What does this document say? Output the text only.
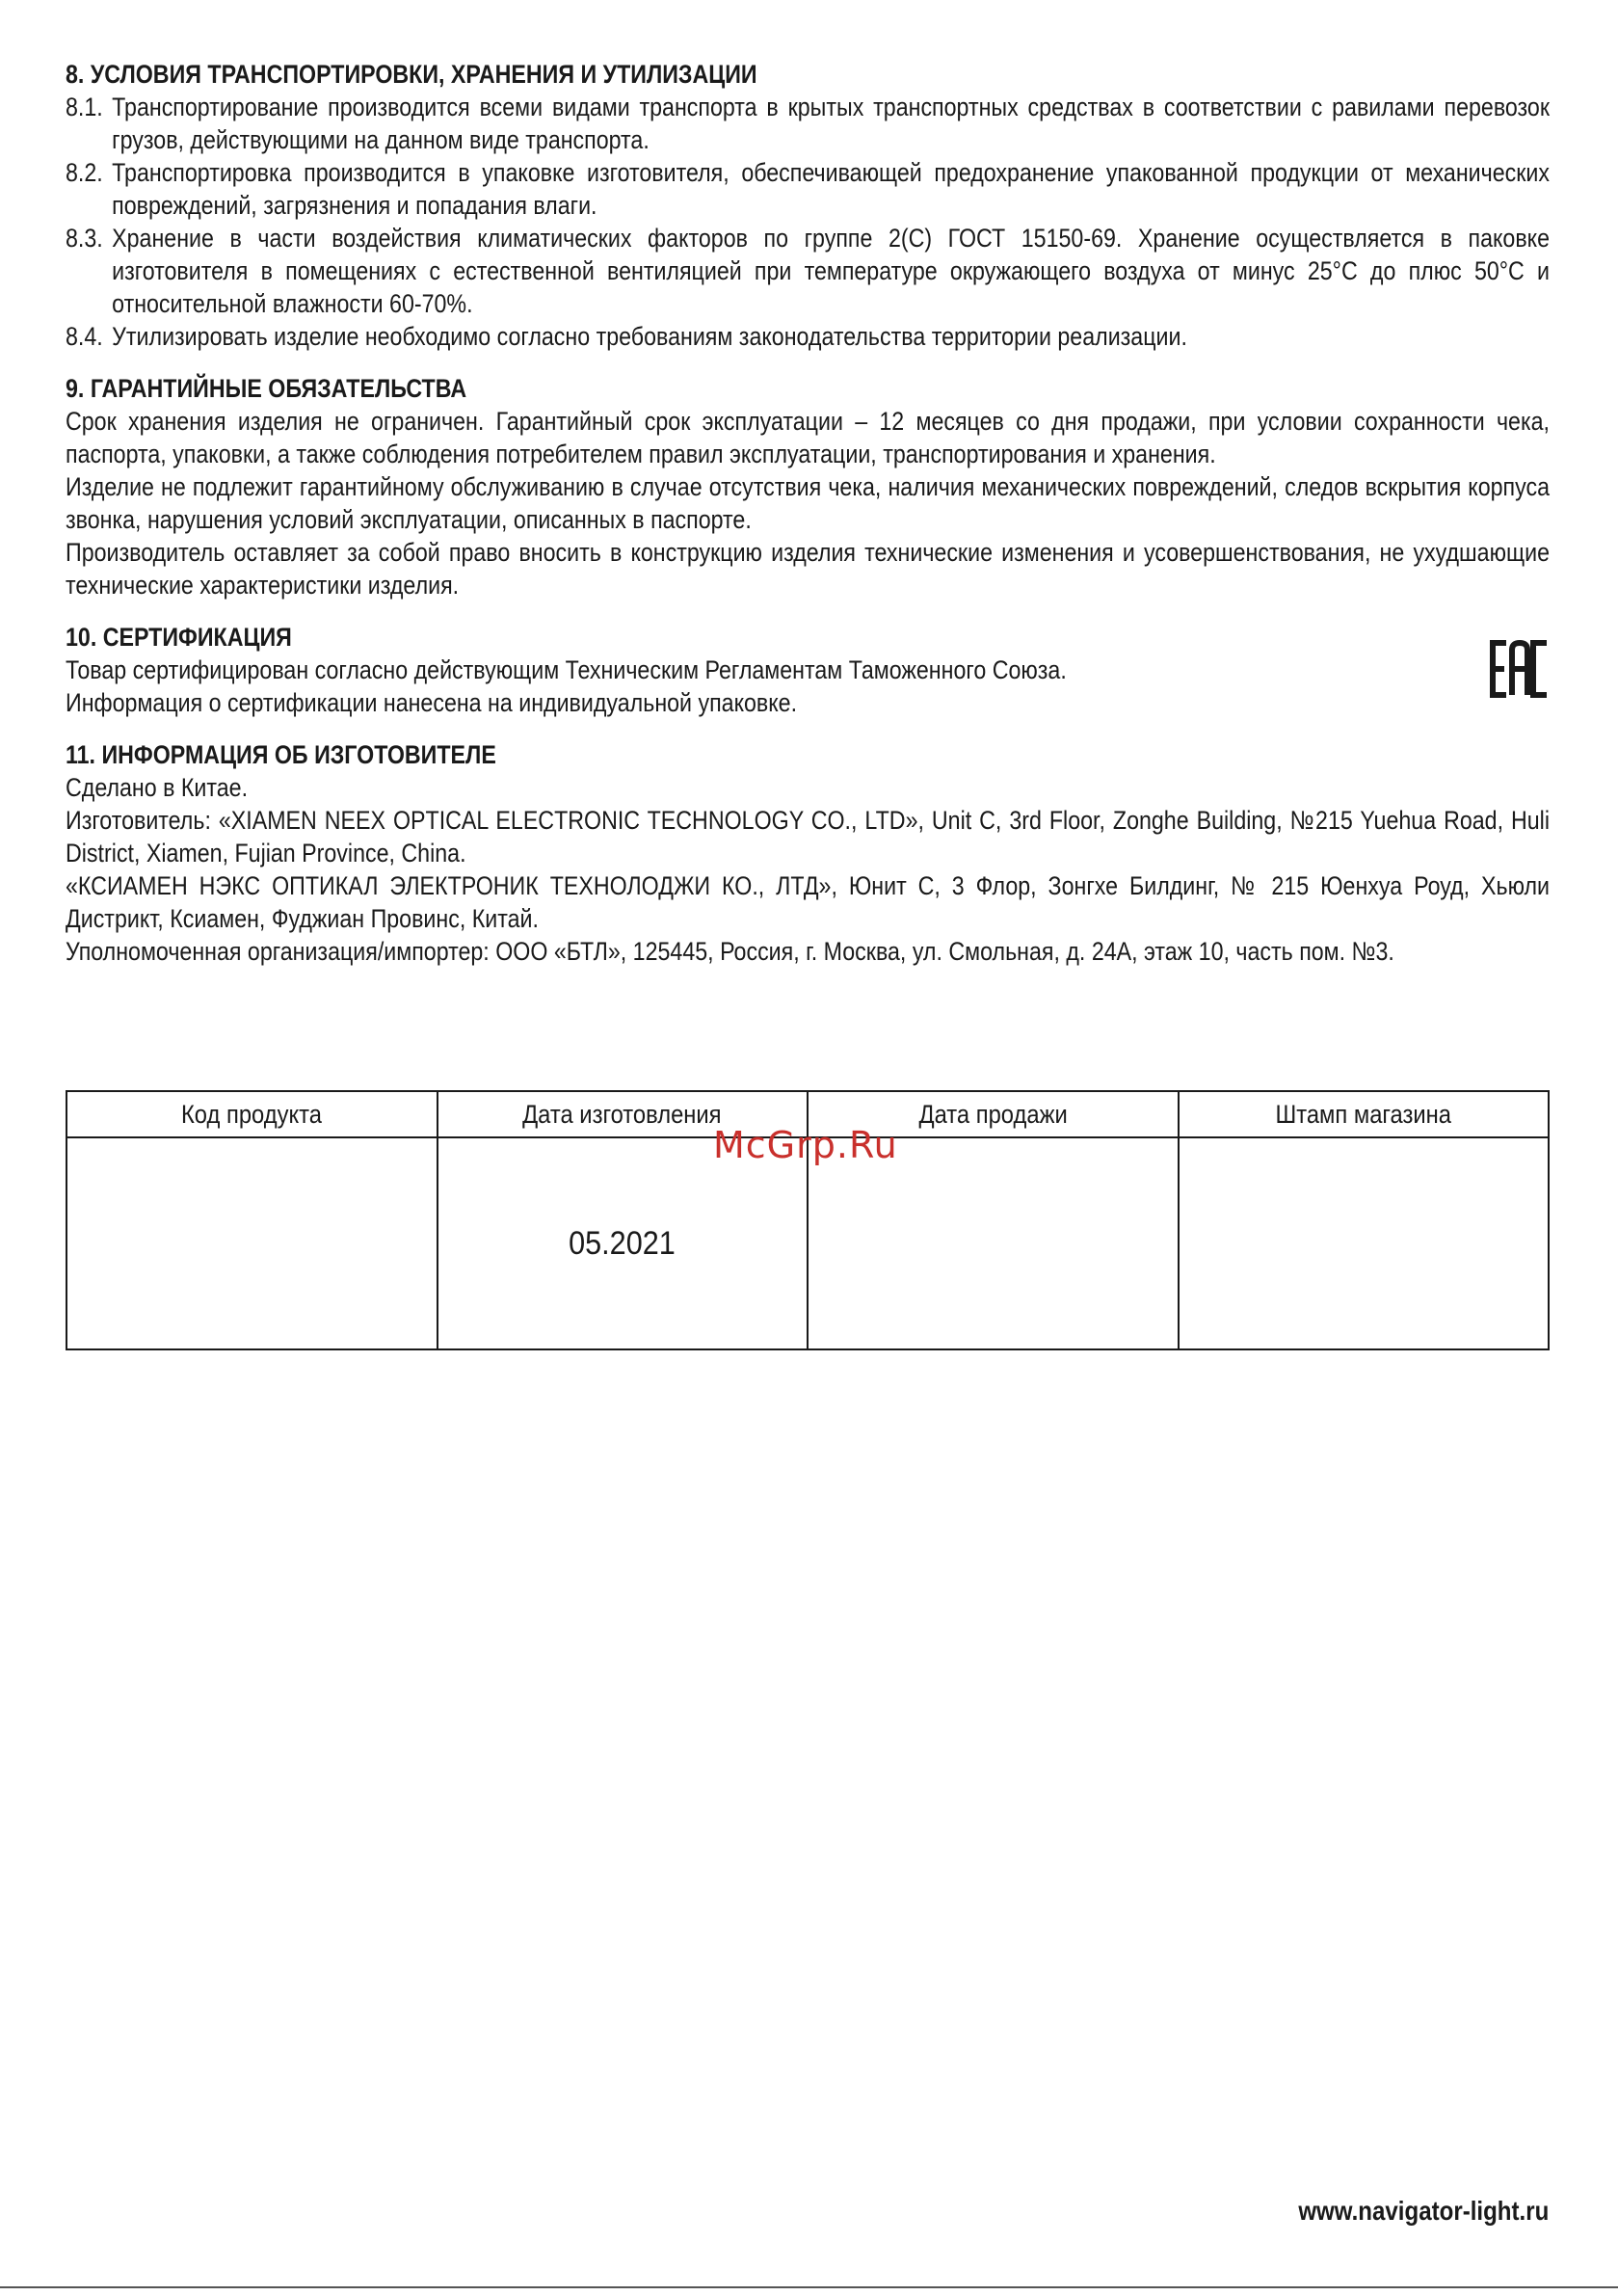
8. УСЛОВИЯ ТРАНСПОРТИРОВКИ, ХРАНЕНИЯ И УТИЛИЗАЦИИ
8.1. Транспортирование производится всеми видами транспорта в крытых транспортных средствах в соответствии с равилами перевозок грузов, действующими на данном виде транспорта.
8.2. Транспортировка производится в упаковке изготовителя, обеспечивающей предохранение упакованной продукции от механических повреждений, загрязнения и попадания влаги.
8.3. Хранение в части воздействия климатических факторов по группе 2(С) ГОСТ 15150-69. Хранение осуществляется в паковке изготовителя в помещениях с естественной вентиляцией при температуре окружающего воздуха от минус 25°C до плюс 50°C и относительной влажности 60-70%.
8.4. Утилизировать изделие необходимо согласно требованиям законодательства территории реализации.
9. ГАРАНТИЙНЫЕ ОБЯЗАТЕЛЬСТВА

Срок хранения изделия не ограничен. Гарантийный срок эксплуатации – 12 месяцев со дня продажи, при условии сохранности чека, паспорта, упаковки, а также соблюдения потребителем правил эксплуатации, транспортирования и хранения.

Изделие не подлежит гарантийному обслуживанию в случае отсутствия чека, наличия механических повреждений, следов вскрытия корпуса звонка, нарушения условий эксплуатации, описанных в паспорте.

Производитель оставляет за собой право вносить в конструкцию изделия технические изменения и усовершенствования, не ухудшающие технические характеристики изделия.

10. СЕРТИФИКАЦИЯ

Товар сертифицирован согласно действующим Техническим Регламентам Таможенного Союза.

Информация о сертификации нанесена на индивидуальной упаковке.

11. ИНФОРМАЦИЯ ОБ ИЗГОТОВИТЕЛЕ

Сделано в Китае.

Изготовитель: «XIAMEN NEEX OPTICAL ELECTRONIC TECHNOLOGY CO., LTD», Unit C, 3rd Floor, Zonghe Building, №215 Yuehua Road, Huli District, Xiamen, Fujian Province, China.

«КСИАМЕН НЭКС ОПТИКАЛ ЭЛЕКТРОНИК ТЕХНОЛОДЖИ КО., ЛТД», Юнит С, 3 Флор, Зонгхе Билдинг, № 215 Юенхуа Роуд, Хьюли Дистрикт, Ксиамен, Фуджиан Провинс, Китай.

Уполномоченная организация/импортер: ООО «БТЛ», 125445, Россия, г. Москва, ул. Смольная, д. 24А, этаж 10, часть пом. №3.

Код продукта	Дата изготовления	Дата продажи	Штамп магазина
	05.2021		
McGrp.Ru
www.navigator-light.ru
